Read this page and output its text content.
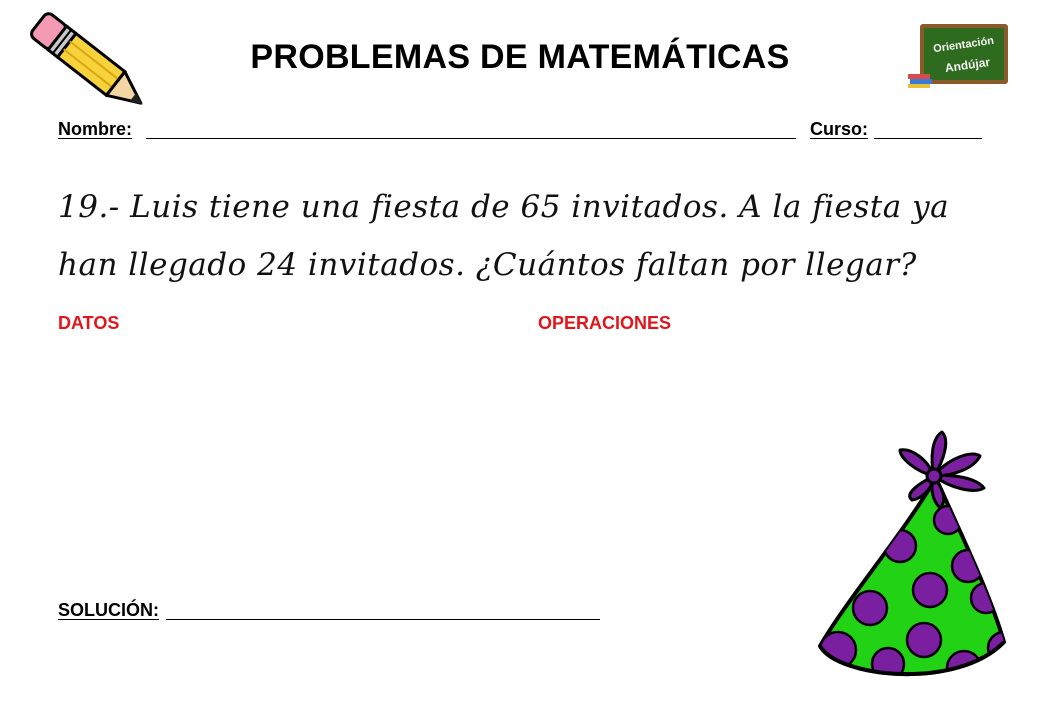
PROBLEMAS DE MATEMÁTICAS	Orientación
Andújar
Nombre:	Curso:
19.- Luis tiene una fiesta de 65 invitados. A la fiesta ya
han llegado 24 invitados. ¿Cuántos faltan por llegar?
DATOS	OPERACIONES
SOLUCIÓN:
